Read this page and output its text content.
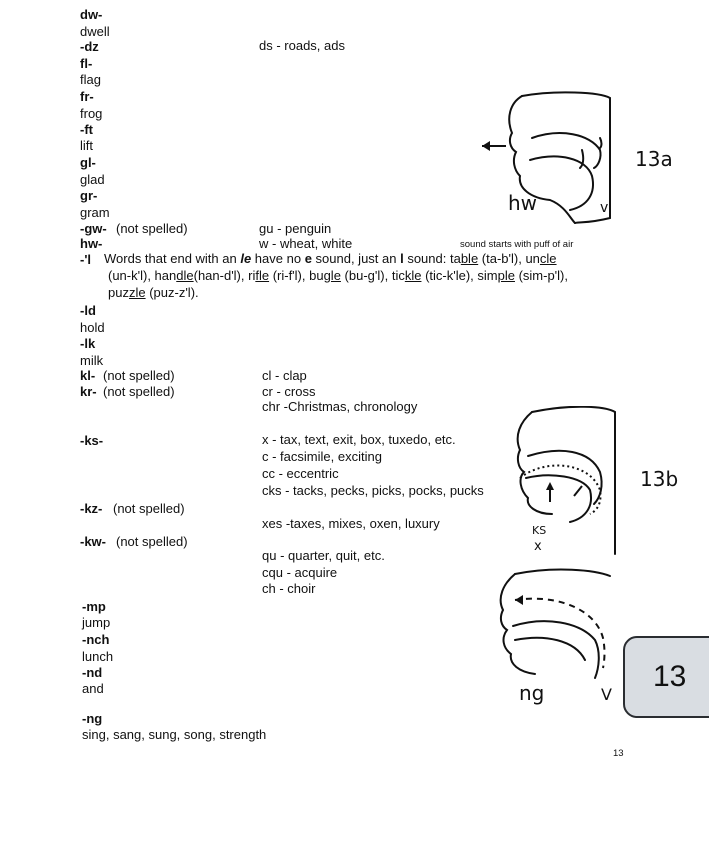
dw-
dwell
-dz	ds - roads, ads
fl-
flag
fr-
frog
-ft
lift
gl-
glad
gr-
gram
-gw- (not spelled)	gu - penguin
hw-	w - wheat, white
-'l
-ld
hold
-lk
milk
kl- (not spelled)	cl - clap
kr- (not spelled)	cr - cross
chr -Christmas, chronology
-ks-	x - tax, text, exit, box, tuxedo, etc.
c - facsimile, exciting
cc - eccentric
cks - tacks, pecks, picks, pocks, pucks
-kz- (not spelled)
xes -taxes, mixes, oxen, luxury
-kw- (not spelled)
qu - quarter, quit, etc.
cqu - acquire
ch - choir
-mp
jump
-nch
lunch
-nd
and
-ng
sing, sang, sung, song, strength
13
sound starts with puff of air
Words that end with an le have no e sound, just an l sound: table (ta-b'l), uncle
(un-k'l), handle(han-d'l), rifle (ri-f'l), bugle (bu-g'l), tickle (tic-k'le), simple (sim-p'l),
puzzle (puz-z'l).
13a
hw	v
13b
KS
x
ng	V
13
